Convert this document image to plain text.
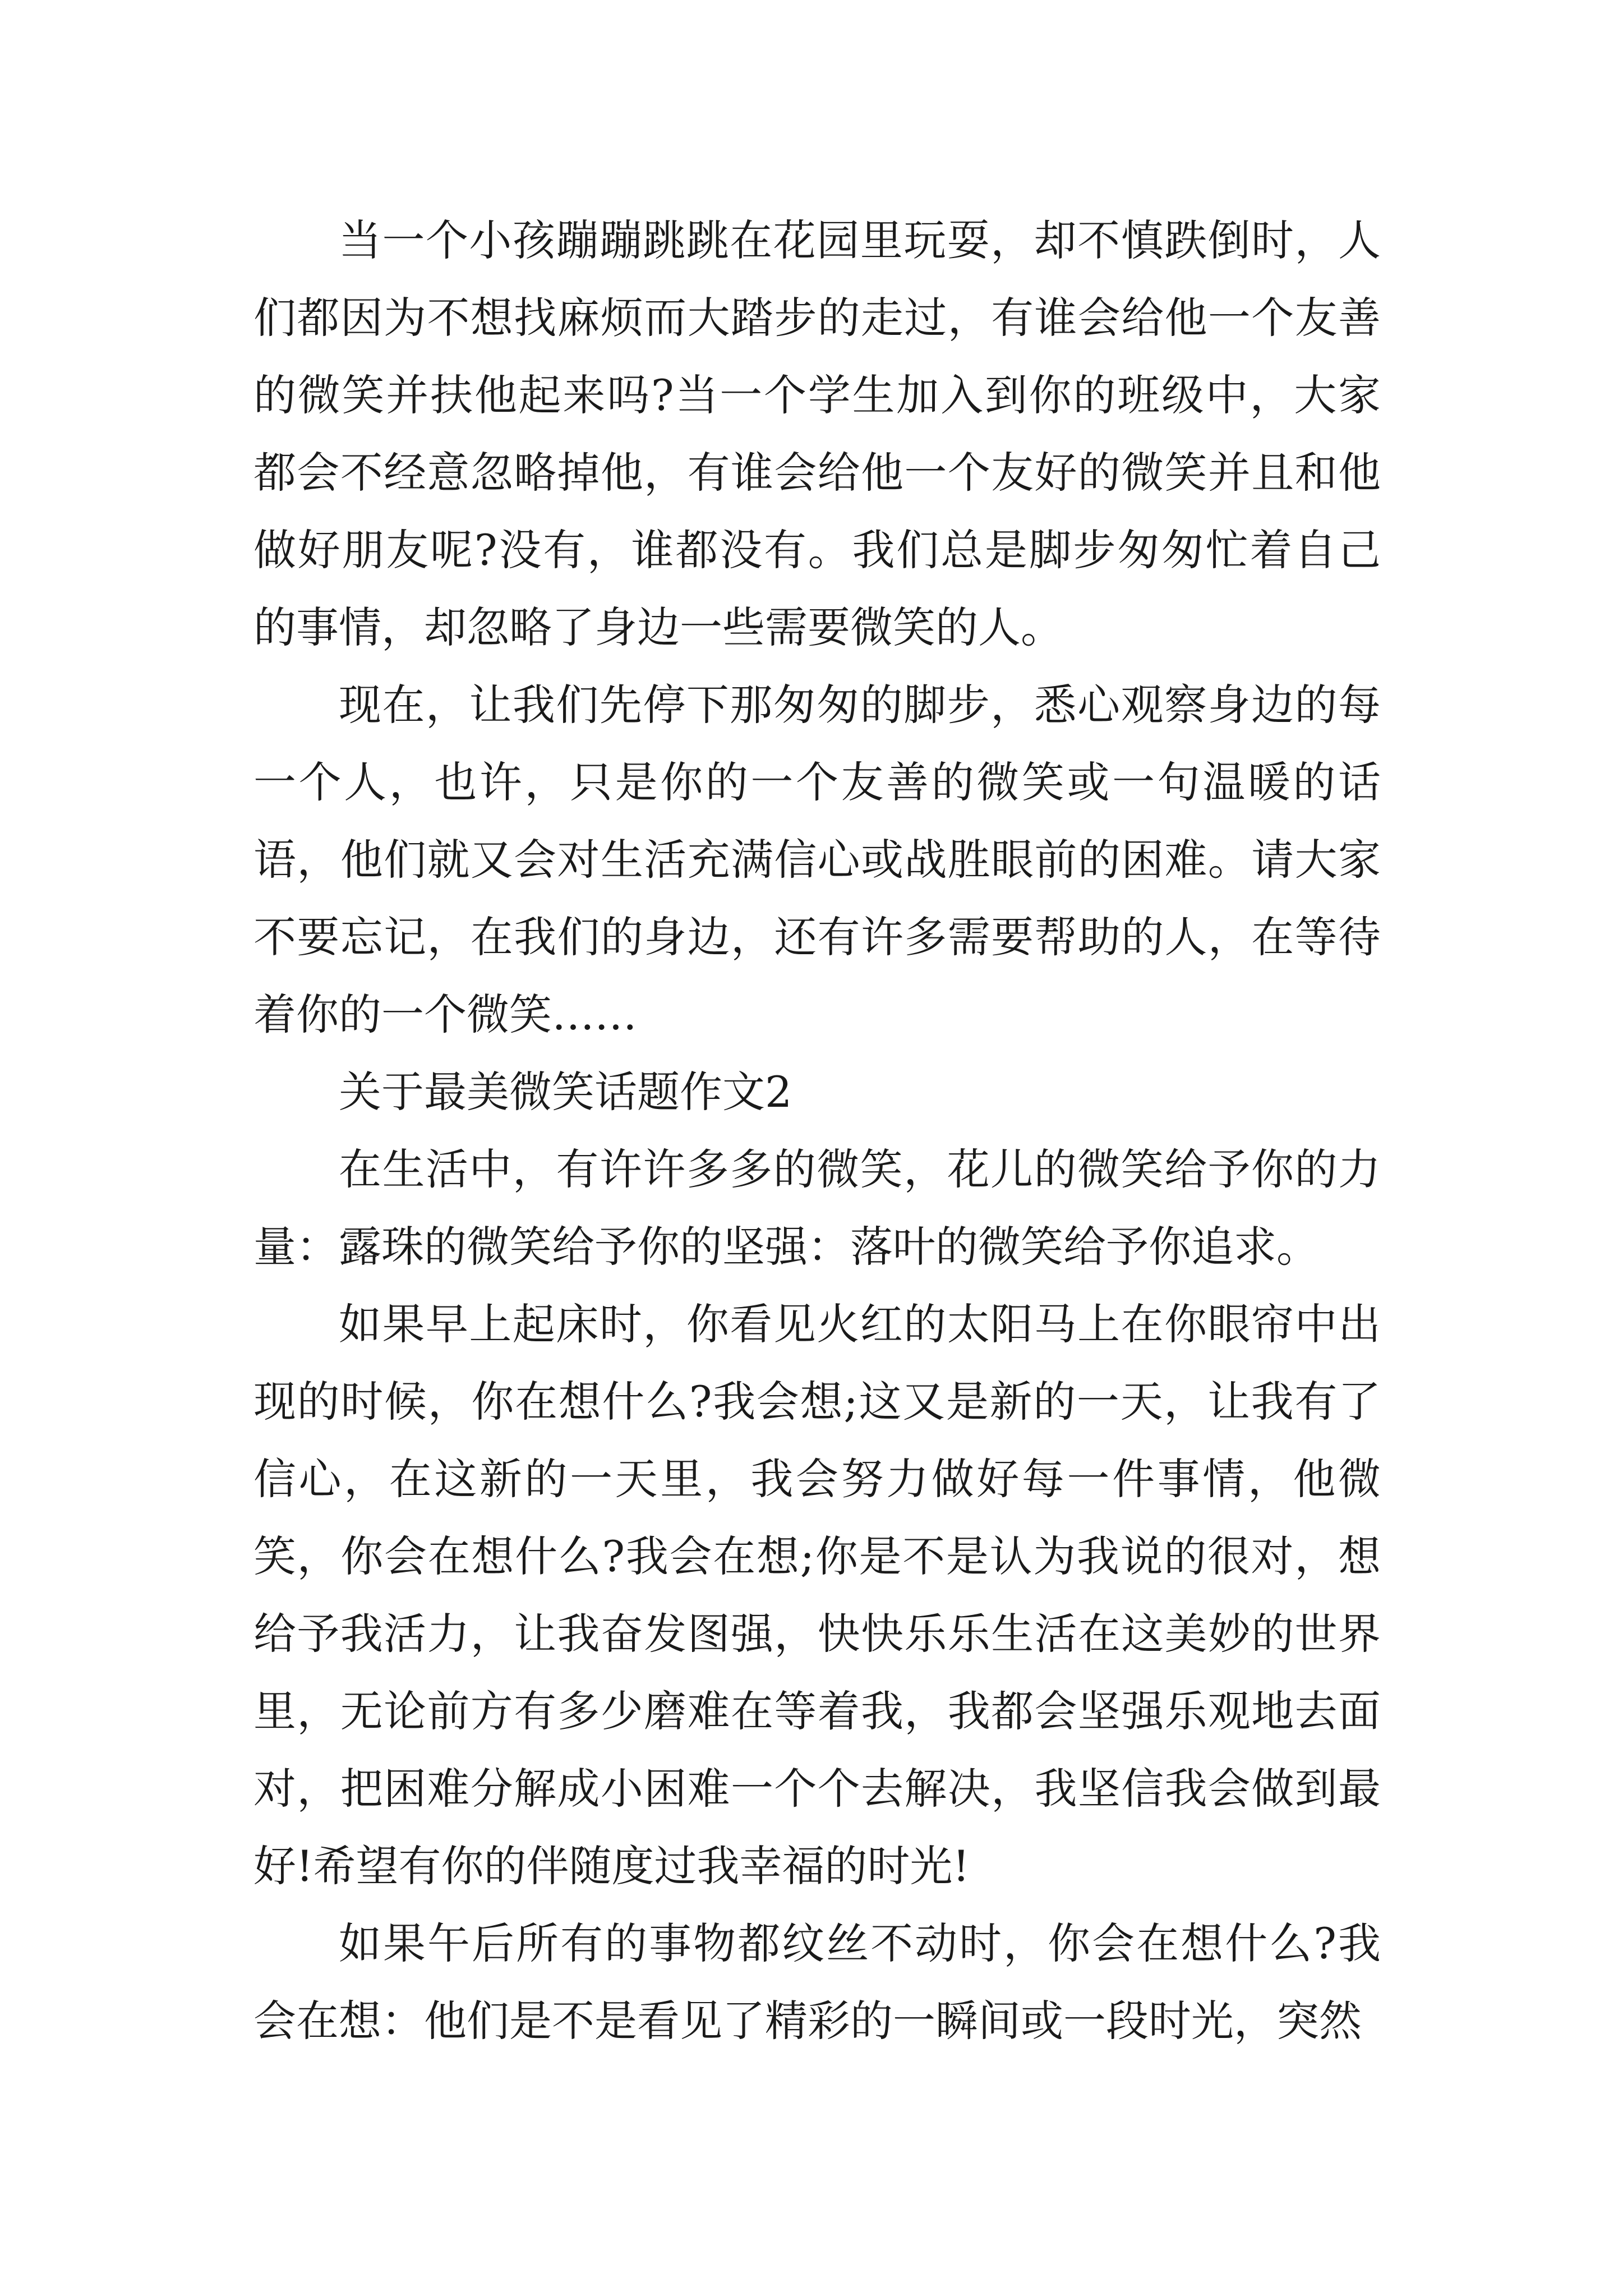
当一个小孩蹦蹦跳跳在花园里玩耍，却不慎跌倒时，人们都因为不想找麻烦而大踏步的走过，有谁会给他一个友善的微笑并扶他起来吗?当一个学生加入到你的班级中，大家都会不经意忽略掉他，有谁会给他一个友好的微笑并且和他做好朋友呢?没有，谁都没有。我们总是脚步匆匆忙着自己的事情，却忽略了身边一些需要微笑的人。

现在，让我们先停下那匆匆的脚步，悉心观察身边的每一个人，也许，只是你的一个友善的微笑或一句温暖的话语，他们就又会对生活充满信心或战胜眼前的困难。请大家不要忘记，在我们的身边，还有许多需要帮助的人，在等待着你的一个微笑……

关于最美微笑话题作文2

在生活中，有许许多多的微笑，花儿的微笑给予你的力量：露珠的微笑给予你的坚强：落叶的微笑给予你追求。

如果早上起床时，你看见火红的太阳马上在你眼帘中出现的时候，你在想什么?我会想;这又是新的一天，让我有了信心，在这新的一天里，我会努力做好每一件事情，他微笑，你会在想什么?我会在想;你是不是认为我说的很对，想给予我活力，让我奋发图强，快快乐乐生活在这美妙的世界里，无论前方有多少磨难在等着我，我都会坚强乐观地去面对，把困难分解成小困难一个个去解决，我坚信我会做到最好!希望有你的伴随度过我幸福的时光!

如果午后所有的事物都纹丝不动时，你会在想什么?我会在想：他们是不是看见了精彩的一瞬间或一段时光，突然
